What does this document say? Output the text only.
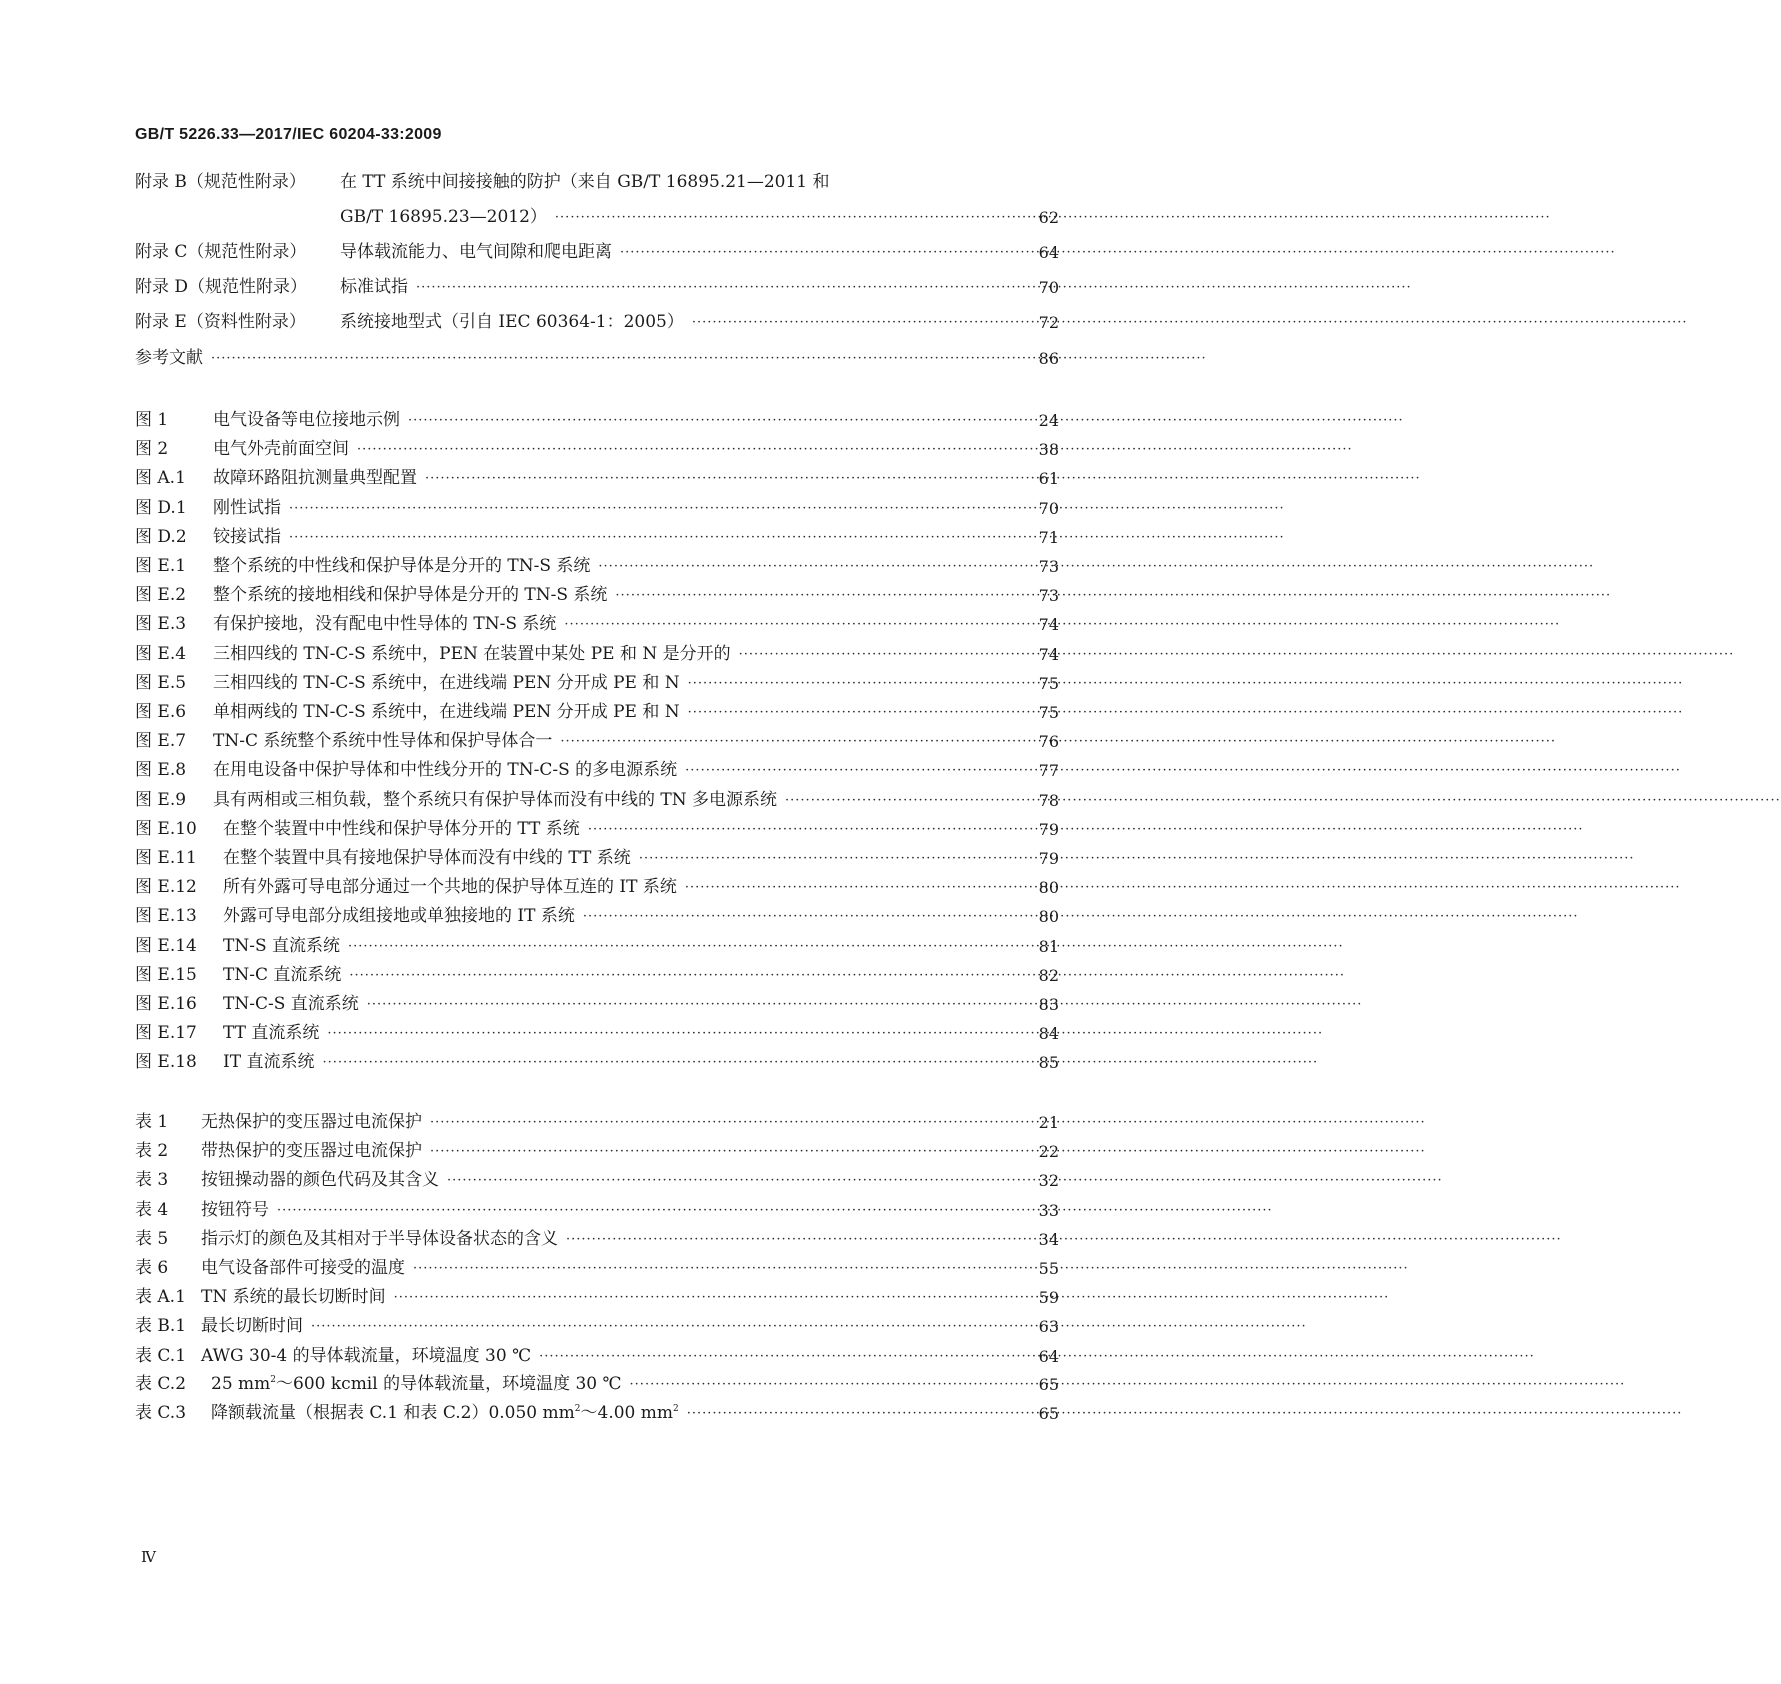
GB/T 5226.33—2017/IEC 60204-33:2009
附录 B（规范性附录）	在 TT 系统中间接接触的防护（来自 GB/T 16895.21—2011 和
GB/T 16895.23—2012） ·····	62
附录 C（规范性附录）	导体载流能力、电气间隙和爬电距离 ·····	64
附录 D（规范性附录）	标准试指 ·····	70
附录 E（资料性附录）	系统接地型式（引自 IEC 60364-1：2005） ·····	72
参考文献 ·····	86
图 1	电气设备等电位接地示例 ·····	24
图 2	电气外壳前面空间 ·····	38
图 A.1	故障环路阻抗测量典型配置 ·····	61
图 D.1	刚性试指 ·····	70
图 D.2	铰接试指 ·····	71
图 E.1	整个系统的中性线和保护导体是分开的 TN-S 系统 ·····	73
图 E.2	整个系统的接地相线和保护导体是分开的 TN-S 系统 ·····	73
图 E.3	有保护接地，没有配电中性导体的 TN-S 系统 ·····	74
图 E.4	三相四线的 TN-C-S 系统中，PEN 在装置中某处 PE 和 N 是分开的 ·····	74
图 E.5	三相四线的 TN-C-S 系统中，在进线端 PEN 分开成 PE 和 N ·····	75
图 E.6	单相两线的 TN-C-S 系统中，在进线端 PEN 分开成 PE 和 N ·····	75
图 E.7	TN-C 系统整个系统中性导体和保护导体合一 ·····	76
图 E.8	在用电设备中保护导体和中性线分开的 TN-C-S 的多电源系统 ·····	77
图 E.9	具有两相或三相负载，整个系统只有保护导体而没有中线的 TN 多电源系统 ·····	78
图 E.10	在整个装置中中性线和保护导体分开的 TT 系统 ·····	79
图 E.11	在整个装置中具有接地保护导体而没有中线的 TT 系统 ·····	79
图 E.12	所有外露可导电部分通过一个共地的保护导体互连的 IT 系统 ·····	80
图 E.13	外露可导电部分成组接地或单独接地的 IT 系统 ·····	80
图 E.14	TN-S 直流系统 ·····	81
图 E.15	TN-C 直流系统 ·····	82
图 E.16	TN-C-S 直流系统 ·····	83
图 E.17	TT 直流系统 ·····	84
图 E.18	IT 直流系统 ·····	85
表 1	无热保护的变压器过电流保护 ·····	21
表 2	带热保护的变压器过电流保护 ·····	22
表 3	按钮操动器的颜色代码及其含义 ·····	32
表 4	按钮符号 ·····	33
表 5	指示灯的颜色及其相对于半导体设备状态的含义 ·····	34
表 6	电气设备部件可接受的温度 ·····	55
表 A.1 TN 系统的最长切断时间 ·····	59
表 B.1 最长切断时间 ·····	63
表 C.1 AWG 30-4 的导体载流量，环境温度 30 ℃ ·····	64
表 C.2	25 $mm^2\sim 600$ kcmil 的导体载流量，环境温度 30 ℃ ·····	65
表 C.3	降额载流量（根据表 C.1 和表 C.2）0.050 $mm^2\sim 4.00$ $mm^2$ ·····	65
Ⅳ
